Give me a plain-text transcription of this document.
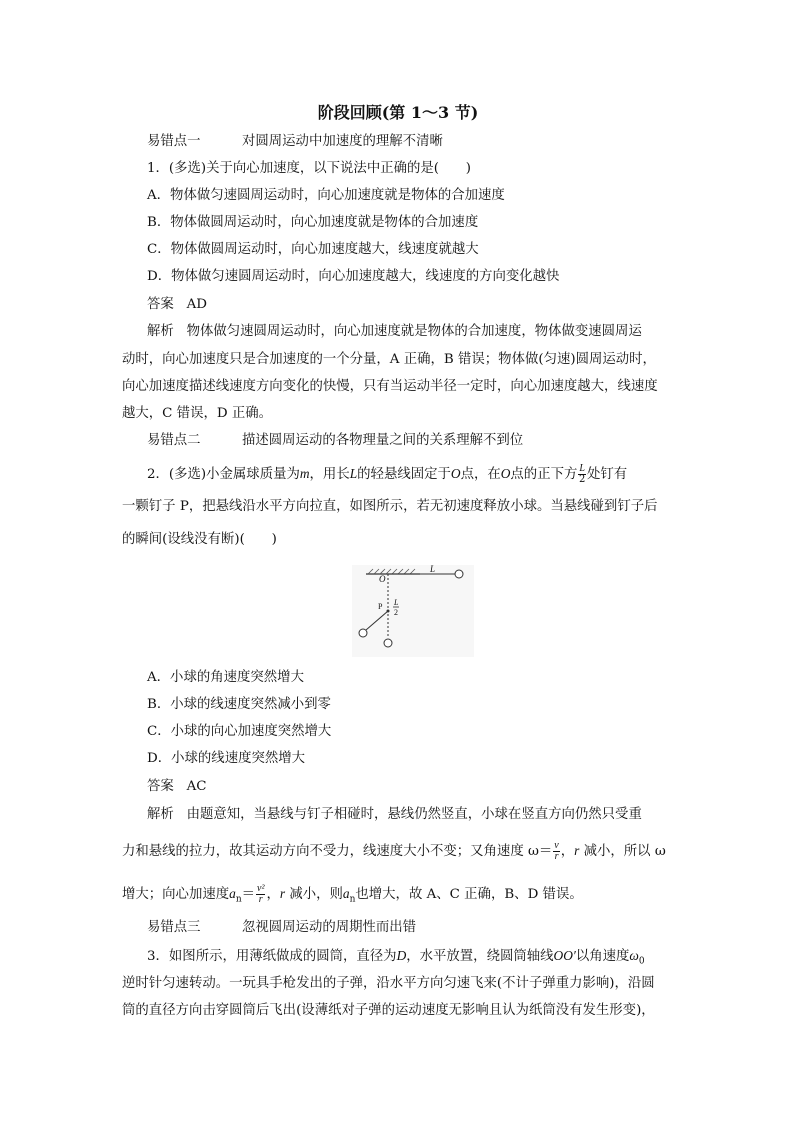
阶段回顾(第 1～3 节)
易错点一	对圆周运动中加速度的理解不清晰
1．(多选)关于向心加速度，以下说法中正确的是(　　)
A．物体做匀速圆周运动时，向心加速度就是物体的合加速度
B．物体做圆周运动时，向心加速度就是物体的合加速度
C．物体做圆周运动时，向心加速度越大，线速度就越大
D．物体做匀速圆周运动时，向心加速度越大，线速度的方向变化越快
答案 AD
解析 物体做匀速圆周运动时，向心加速度就是物体的合加速度，物体做变速圆周运
动时，向心加速度只是合加速度的一个分量，A 正确，B 错误；物体做(匀速)圆周运动时，
向心加速度描述线速度方向变化的快慢，只有当运动半径一定时，向心加速度越大，线速度
越大，C 错误，D 正确。
易错点二	描述圆周运动的各物理量之间的关系理解不到位
2．(多选)小金属球质量为m，用长L的轻悬线固定于O点，在O点的正下方 $\frac{L}{2}$ 处钉有
一颗钉子 P，把悬线沿水平方向拉直，如图所示，若无初速度释放小球。当悬线碰到钉子后
的瞬间(设线没有断)(　　)
O
L
P L
2
A．小球的角速度突然增大
B．小球的线速度突然减小到零
C．小球的向心加速度突然增大
D．小球的线速度突然增大
答案 AC
解析 由题意知，当悬线与钉子相碰时，悬线仍然竖直，小球在竖直方向仍然只受重
力和悬线的拉力，故其运动方向不受力，线速度大小不变；又角速度 $\omega= \frac{v}{r}$ ，r 减小，所以 ω
增大；向心加速度$a_n= \frac{\text{v²}}{r}$ ，r 减小，则$a_n$也增大，故 A、C 正确，B、D 错误。
易错点三	忽视圆周运动的周期性而出错
3．如图所示，用薄纸做成的圆筒，直径为D，水平放置，绕圆筒轴线OO′以角速度$\omega_0$
逆时针匀速转动。一玩具手枪发出的子弹，沿水平方向匀速飞来(不计子弹重力影响)，沿圆
筒的直径方向击穿圆筒后飞出(设薄纸对子弹的运动速度无影响且认为纸筒没有发生形变)，
